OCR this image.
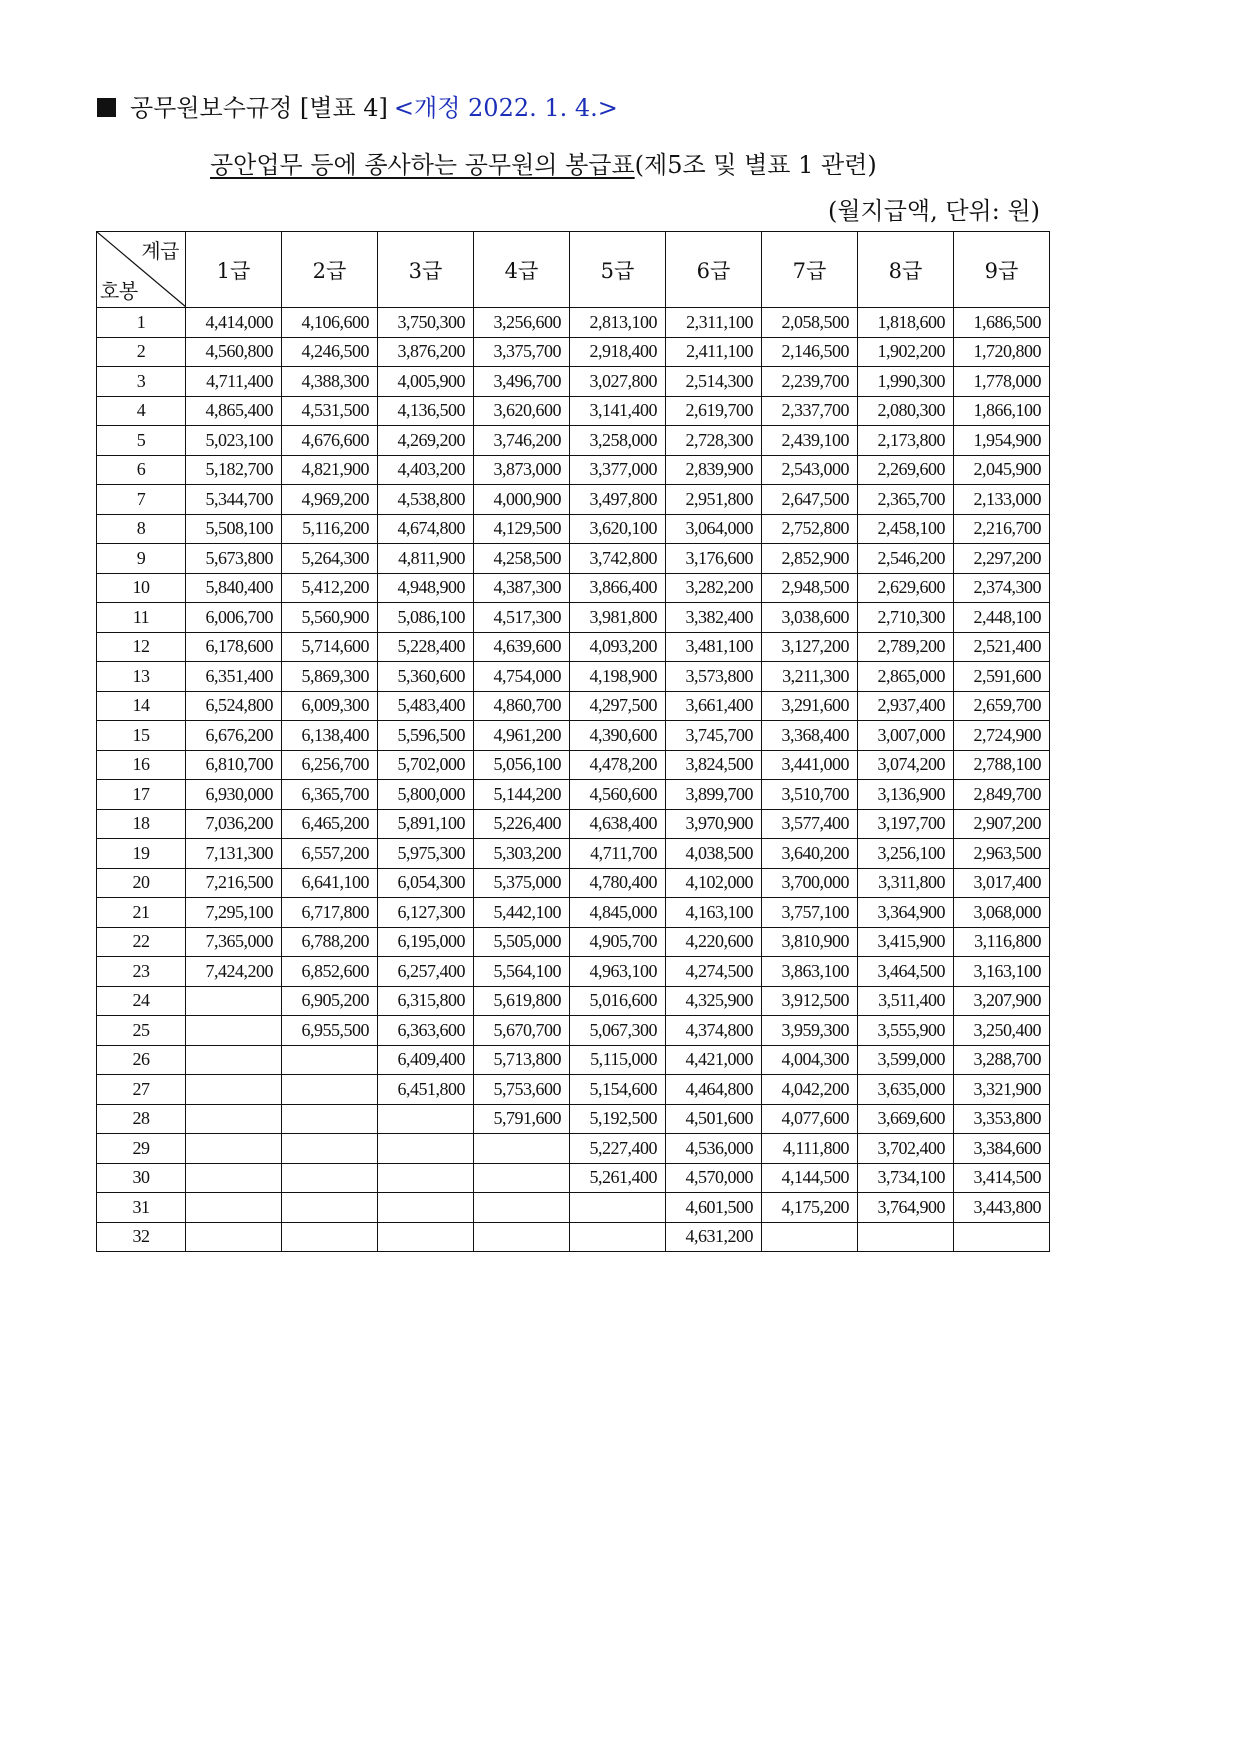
공무원보수규정 [별표 4] <개정 2022. 1. 4.>
공안업무 등에 종사하는 공무원의 봉급표(제5조 및 별표 1 관련)
(월지급액, 단위: 원)
계급
호봉	1급	2급	3급	4급	5급	6급	7급	8급	9급
1	4,414,000	4,106,600	3,750,300	3,256,600	2,813,100	2,311,100	2,058,500	1,818,600	1,686,500
2	4,560,800	4,246,500	3,876,200	3,375,700	2,918,400	2,411,100	2,146,500	1,902,200	1,720,800
3	4,711,400	4,388,300	4,005,900	3,496,700	3,027,800	2,514,300	2,239,700	1,990,300	1,778,000
4	4,865,400	4,531,500	4,136,500	3,620,600	3,141,400	2,619,700	2,337,700	2,080,300	1,866,100
5	5,023,100	4,676,600	4,269,200	3,746,200	3,258,000	2,728,300	2,439,100	2,173,800	1,954,900
6	5,182,700	4,821,900	4,403,200	3,873,000	3,377,000	2,839,900	2,543,000	2,269,600	2,045,900
7	5,344,700	4,969,200	4,538,800	4,000,900	3,497,800	2,951,800	2,647,500	2,365,700	2,133,000
8	5,508,100	5,116,200	4,674,800	4,129,500	3,620,100	3,064,000	2,752,800	2,458,100	2,216,700
9	5,673,800	5,264,300	4,811,900	4,258,500	3,742,800	3,176,600	2,852,900	2,546,200	2,297,200
10	5,840,400	5,412,200	4,948,900	4,387,300	3,866,400	3,282,200	2,948,500	2,629,600	2,374,300
11	6,006,700	5,560,900	5,086,100	4,517,300	3,981,800	3,382,400	3,038,600	2,710,300	2,448,100
12	6,178,600	5,714,600	5,228,400	4,639,600	4,093,200	3,481,100	3,127,200	2,789,200	2,521,400
13	6,351,400	5,869,300	5,360,600	4,754,000	4,198,900	3,573,800	3,211,300	2,865,000	2,591,600
14	6,524,800	6,009,300	5,483,400	4,860,700	4,297,500	3,661,400	3,291,600	2,937,400	2,659,700
15	6,676,200	6,138,400	5,596,500	4,961,200	4,390,600	3,745,700	3,368,400	3,007,000	2,724,900
16	6,810,700	6,256,700	5,702,000	5,056,100	4,478,200	3,824,500	3,441,000	3,074,200	2,788,100
17	6,930,000	6,365,700	5,800,000	5,144,200	4,560,600	3,899,700	3,510,700	3,136,900	2,849,700
18	7,036,200	6,465,200	5,891,100	5,226,400	4,638,400	3,970,900	3,577,400	3,197,700	2,907,200
19	7,131,300	6,557,200	5,975,300	5,303,200	4,711,700	4,038,500	3,640,200	3,256,100	2,963,500
20	7,216,500	6,641,100	6,054,300	5,375,000	4,780,400	4,102,000	3,700,000	3,311,800	3,017,400
21	7,295,100	6,717,800	6,127,300	5,442,100	4,845,000	4,163,100	3,757,100	3,364,900	3,068,000
22	7,365,000	6,788,200	6,195,000	5,505,000	4,905,700	4,220,600	3,810,900	3,415,900	3,116,800
23	7,424,200	6,852,600	6,257,400	5,564,100	4,963,100	4,274,500	3,863,100	3,464,500	3,163,100
24		6,905,200	6,315,800	5,619,800	5,016,600	4,325,900	3,912,500	3,511,400	3,207,900
25		6,955,500	6,363,600	5,670,700	5,067,300	4,374,800	3,959,300	3,555,900	3,250,400
26			6,409,400	5,713,800	5,115,000	4,421,000	4,004,300	3,599,000	3,288,700
27			6,451,800	5,753,600	5,154,600	4,464,800	4,042,200	3,635,000	3,321,900
28				5,791,600	5,192,500	4,501,600	4,077,600	3,669,600	3,353,800
29					5,227,400	4,536,000	4,111,800	3,702,400	3,384,600
30					5,261,400	4,570,000	4,144,500	3,734,100	3,414,500
31						4,601,500	4,175,200	3,764,900	3,443,800
32						4,631,200			
